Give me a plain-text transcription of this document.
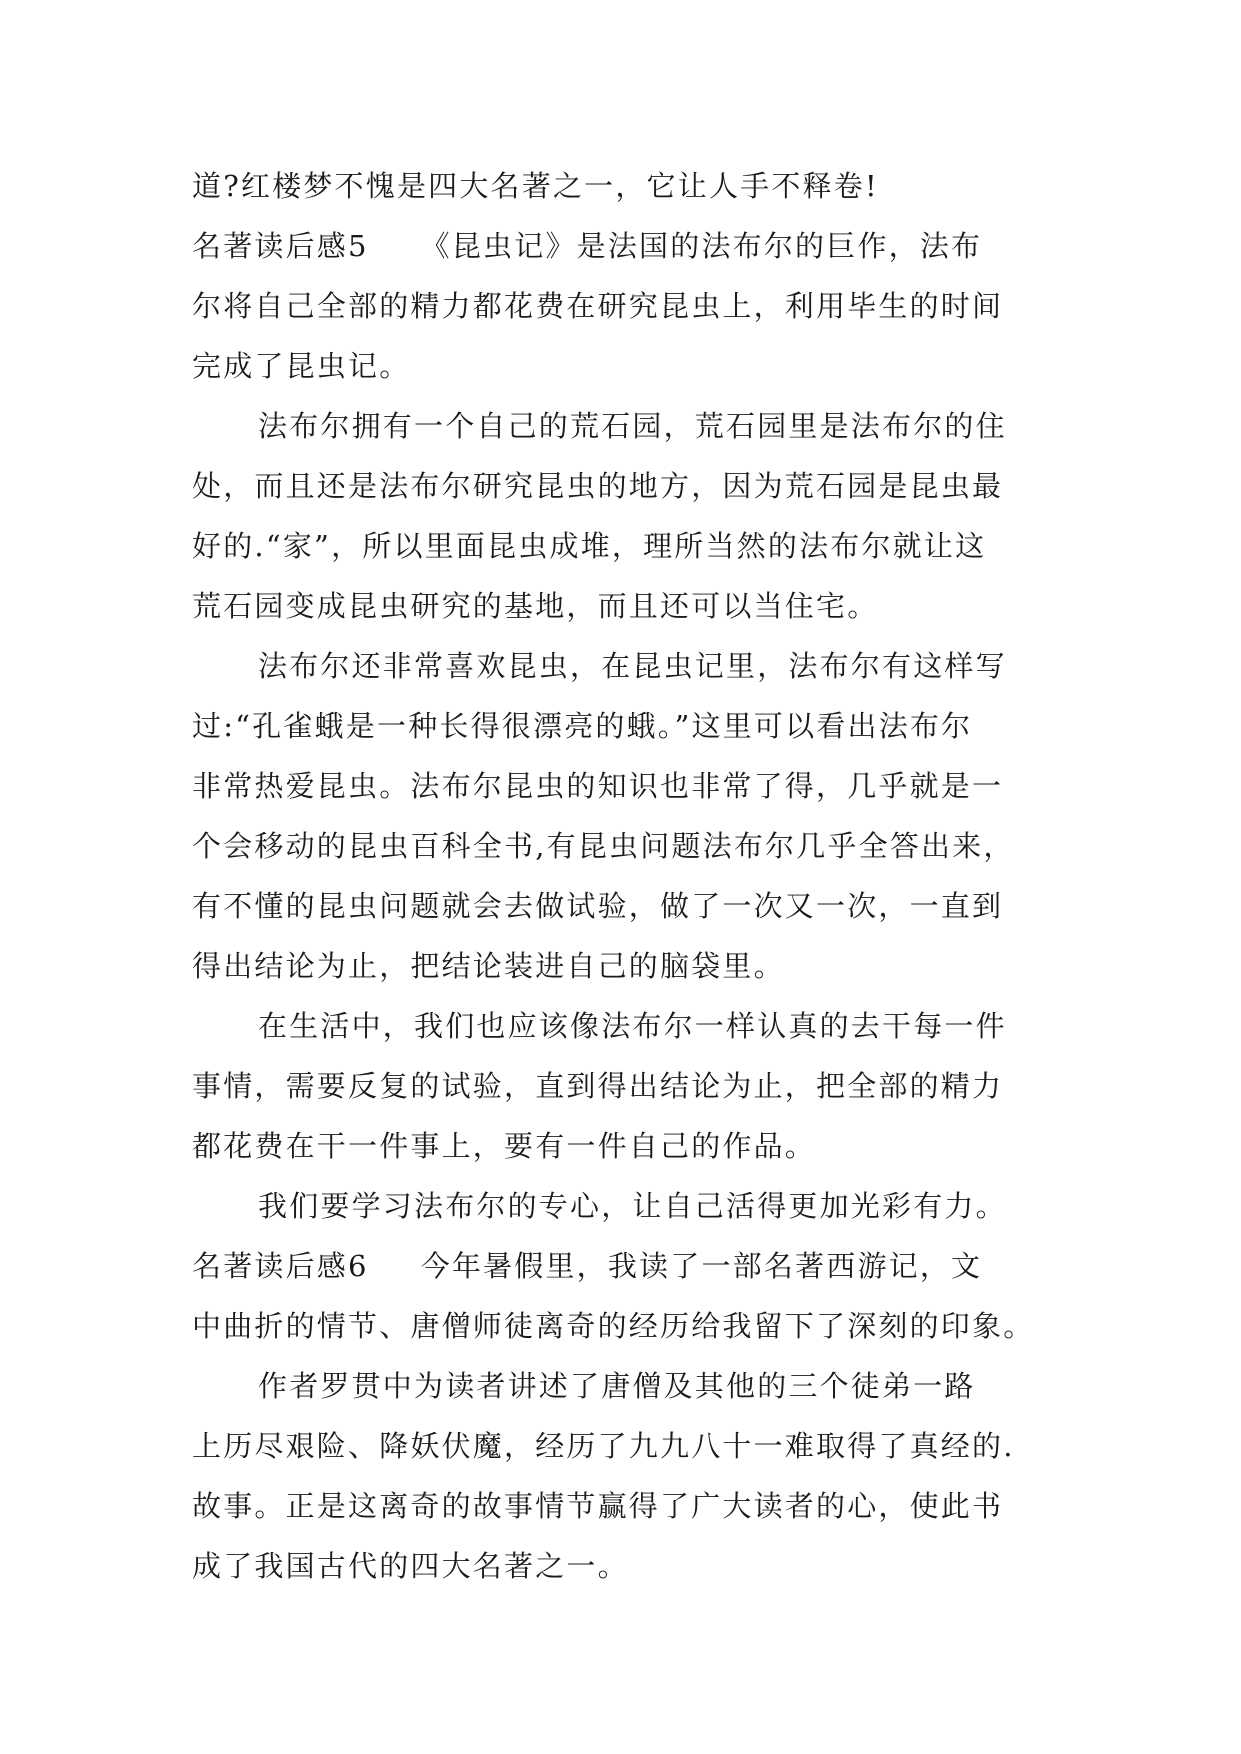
道?红楼梦不愧是四大名著之一，它让人手不释卷!
名著读后感5 《昆虫记》是法国的法布尔的巨作，法布
尔将自己全部的精力都花费在研究昆虫上，利用毕生的时间
完成了昆虫记。
法布尔拥有一个自己的荒石园，荒石园里是法布尔的住
处，而且还是法布尔研究昆虫的地方，因为荒石园是昆虫最
好的.“家”，所以里面昆虫成堆，理所当然的法布尔就让这
荒石园变成昆虫研究的基地，而且还可以当住宅。
法布尔还非常喜欢昆虫，在昆虫记里，法布尔有这样写
过:“孔雀蛾是一种长得很漂亮的蛾。”这里可以看出法布尔
非常热爱昆虫。法布尔昆虫的知识也非常了得，几乎就是一
个会移动的昆虫百科全书,有昆虫问题法布尔几乎全答出来，
有不懂的昆虫问题就会去做试验，做了一次又一次，一直到
得出结论为止，把结论装进自己的脑袋里。
在生活中，我们也应该像法布尔一样认真的去干每一件
事情，需要反复的试验，直到得出结论为止，把全部的精力
都花费在干一件事上，要有一件自己的作品。
我们要学习法布尔的专心，让自己活得更加光彩有力。
名著读后感6 今年暑假里，我读了一部名著西游记，文
中曲折的情节、唐僧师徒离奇的经历给我留下了深刻的印象。
作者罗贯中为读者讲述了唐僧及其他的三个徒弟一路
上历尽艰险、降妖伏魔，经历了九九八十一难取得了真经的.
故事。正是这离奇的故事情节赢得了广大读者的心，使此书
成了我国古代的四大名著之一。
